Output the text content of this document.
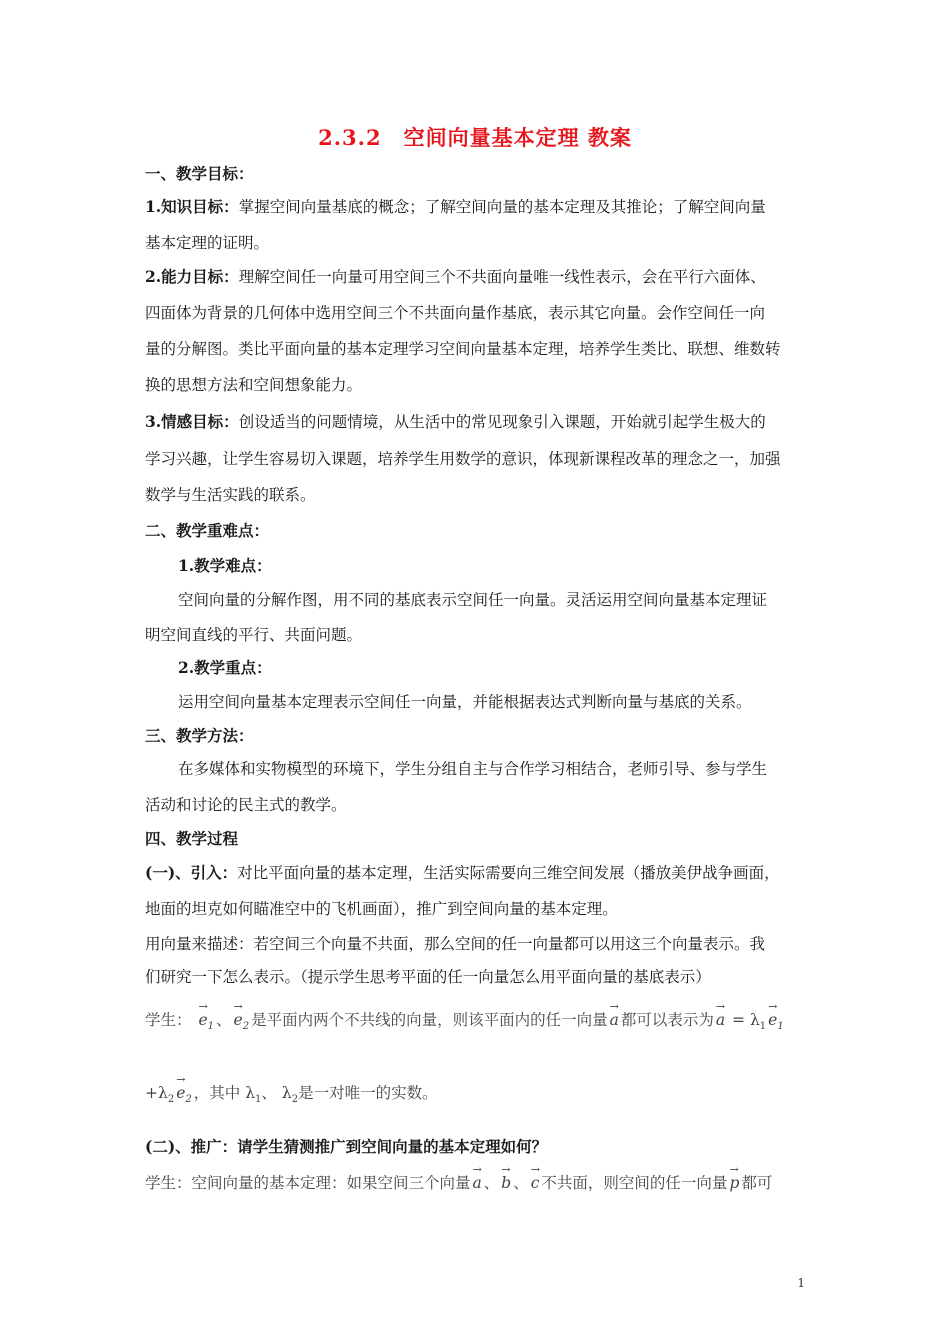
2.3.2　空间向量基本定理 教案
一、教学目标：
1.知识目标：掌握空间向量基底的概念；了解空间向量的基本定理及其推论；了解空间向量
基本定理的证明。
2.能力目标：理解空间任一向量可用空间三个不共面向量唯一线性表示，会在平行六面体、
四面体为背景的几何体中选用空间三个不共面向量作基底，表示其它向量。会作空间任一向
量的分解图。类比平面向量的基本定理学习空间向量基本定理，培养学生类比、联想、维数转
换的思想方法和空间想象能力。
3.情感目标：创设适当的问题情境，从生活中的常见现象引入课题，开始就引起学生极大的
学习兴趣，让学生容易切入课题，培养学生用数学的意识，体现新课程改革的理念之一，加强
数学与生活实践的联系。
二、教学重难点：
1.教学难点：
空间向量的分解作图，用不同的基底表示空间任一向量。灵活运用空间向量基本定理证
明空间直线的平行、共面问题。
2.教学重点：
运用空间向量基本定理表示空间任一向量，并能根据表达式判断向量与基底的关系。
三、教学方法：
在多媒体和实物模型的环境下，学生分组自主与合作学习相结合，老师引导、参与学生
活动和讨论的民主式的教学。
四、教学过程
(一)、引入：对比平面向量的基本定理，生活实际需要向三维空间发展（播放美伊战争画面，
地面的坦克如何瞄准空中的飞机画面），推广到空间向量的基本定理。
用向量来描述：若空间三个向量不共面，那么空间的任一向量都可以用这三个向量表示。我
们研究一下怎么表示。（提示学生思考平面的任一向量怎么用平面向量的基底表示）
学生：
→
$e_1$ 、
→
$e_2$ 是平面内两个不共线的向量，则该平面内的任一向量
→
a 都可以表示为
→
$a = \lambda_1$
→
$e_1$
$+\lambda_2$
→
$e_2$ ，其中 $\lambda_1$、 $\lambda_2$是一对唯一的实数。
(二)、推广：请学生猜测推广到空间向量的基本定理如何？
学生：空间向量的基本定理：如果空间三个向量
→
a 、
→
b 、
→
c 不共面，则空间的任一向量
→
p 都可
1
